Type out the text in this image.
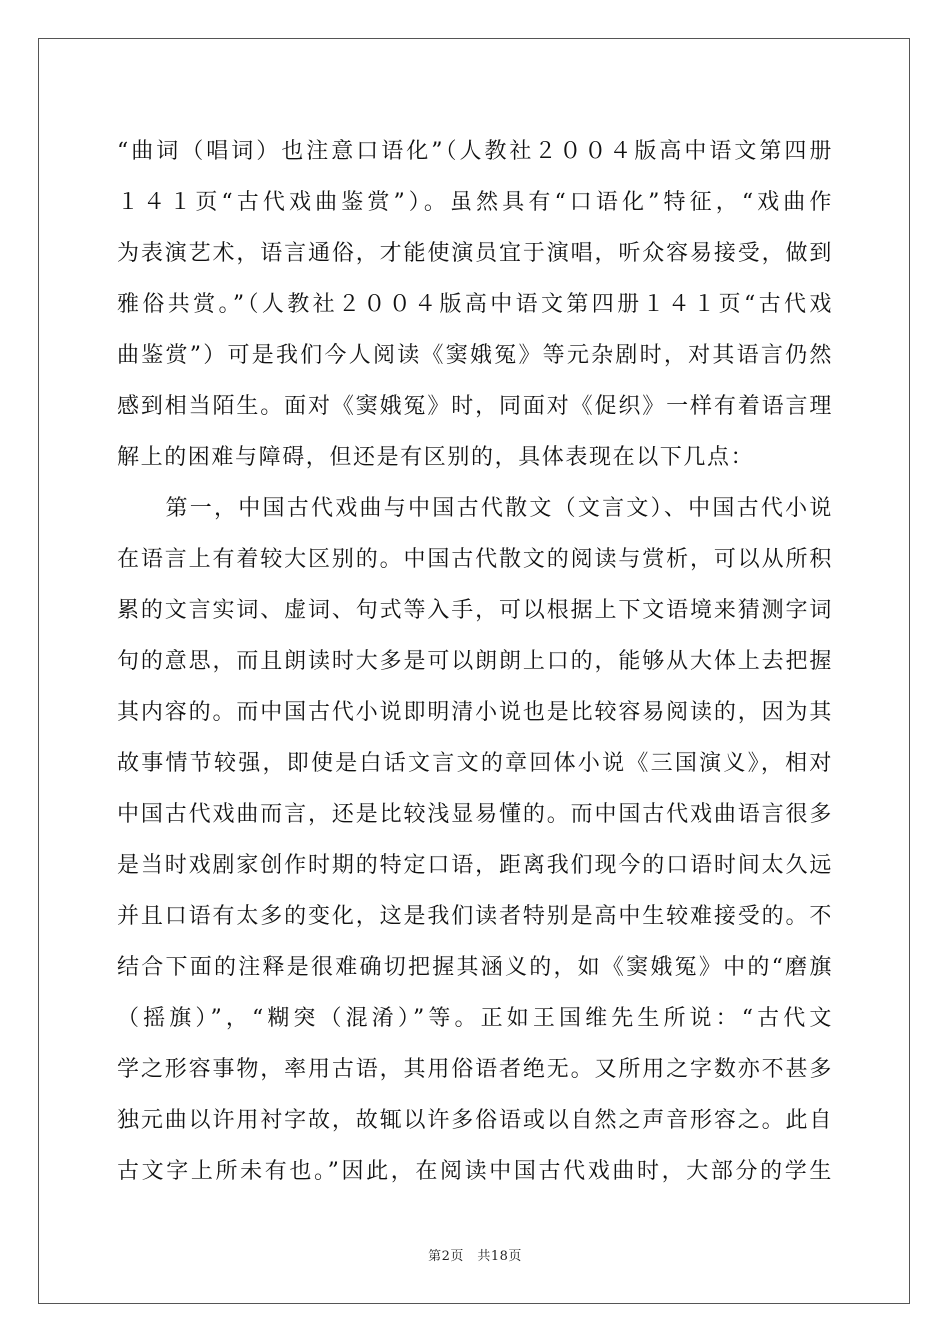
“曲词（唱词）也注意口语化”（人教社２００４版高中语文第四册
１４１页“古代戏曲鉴赏”）。虽然具有“口语化”特征，“戏曲作
为表演艺术，语言通俗，才能使演员宜于演唱，听众容易接受，做到
雅俗共赏。”（人教社２００４版高中语文第四册１４１页“古代戏
曲鉴赏”）可是我们今人阅读《窦娥冤》等元杂剧时，对其语言仍然
感到相当陌生。面对《窦娥冤》时，同面对《促织》一样有着语言理
解上的困难与障碍，但还是有区别的，具体表现在以下几点：
　　第一，中国古代戏曲与中国古代散文（文言文）、中国古代小说
在语言上有着较大区别的。中国古代散文的阅读与赏析，可以从所积
累的文言实词、虚词、句式等入手，可以根据上下文语境来猜测字词
句的意思，而且朗读时大多是可以朗朗上口的，能够从大体上去把握
其内容的。而中国古代小说即明清小说也是比较容易阅读的，因为其
故事情节较强，即使是白话文言文的章回体小说《三国演义》，相对
中国古代戏曲而言，还是比较浅显易懂的。而中国古代戏曲语言很多
是当时戏剧家创作时期的特定口语，距离我们现今的口语时间太久远
并且口语有太多的变化，这是我们读者特别是高中生较难接受的。不
结合下面的注释是很难确切把握其涵义的，如《窦娥冤》中的“磨旗
（摇旗）”，“糊突（混淆）”等。正如王国维先生所说：“古代文
学之形容事物，率用古语，其用俗语者绝无。又所用之字数亦不甚多
独元曲以许用衬字故，故辄以许多俗语或以自然之声音形容之。此自
古文字上所未有也。”因此，在阅读中国古代戏曲时，大部分的学生
第2页　共18页
